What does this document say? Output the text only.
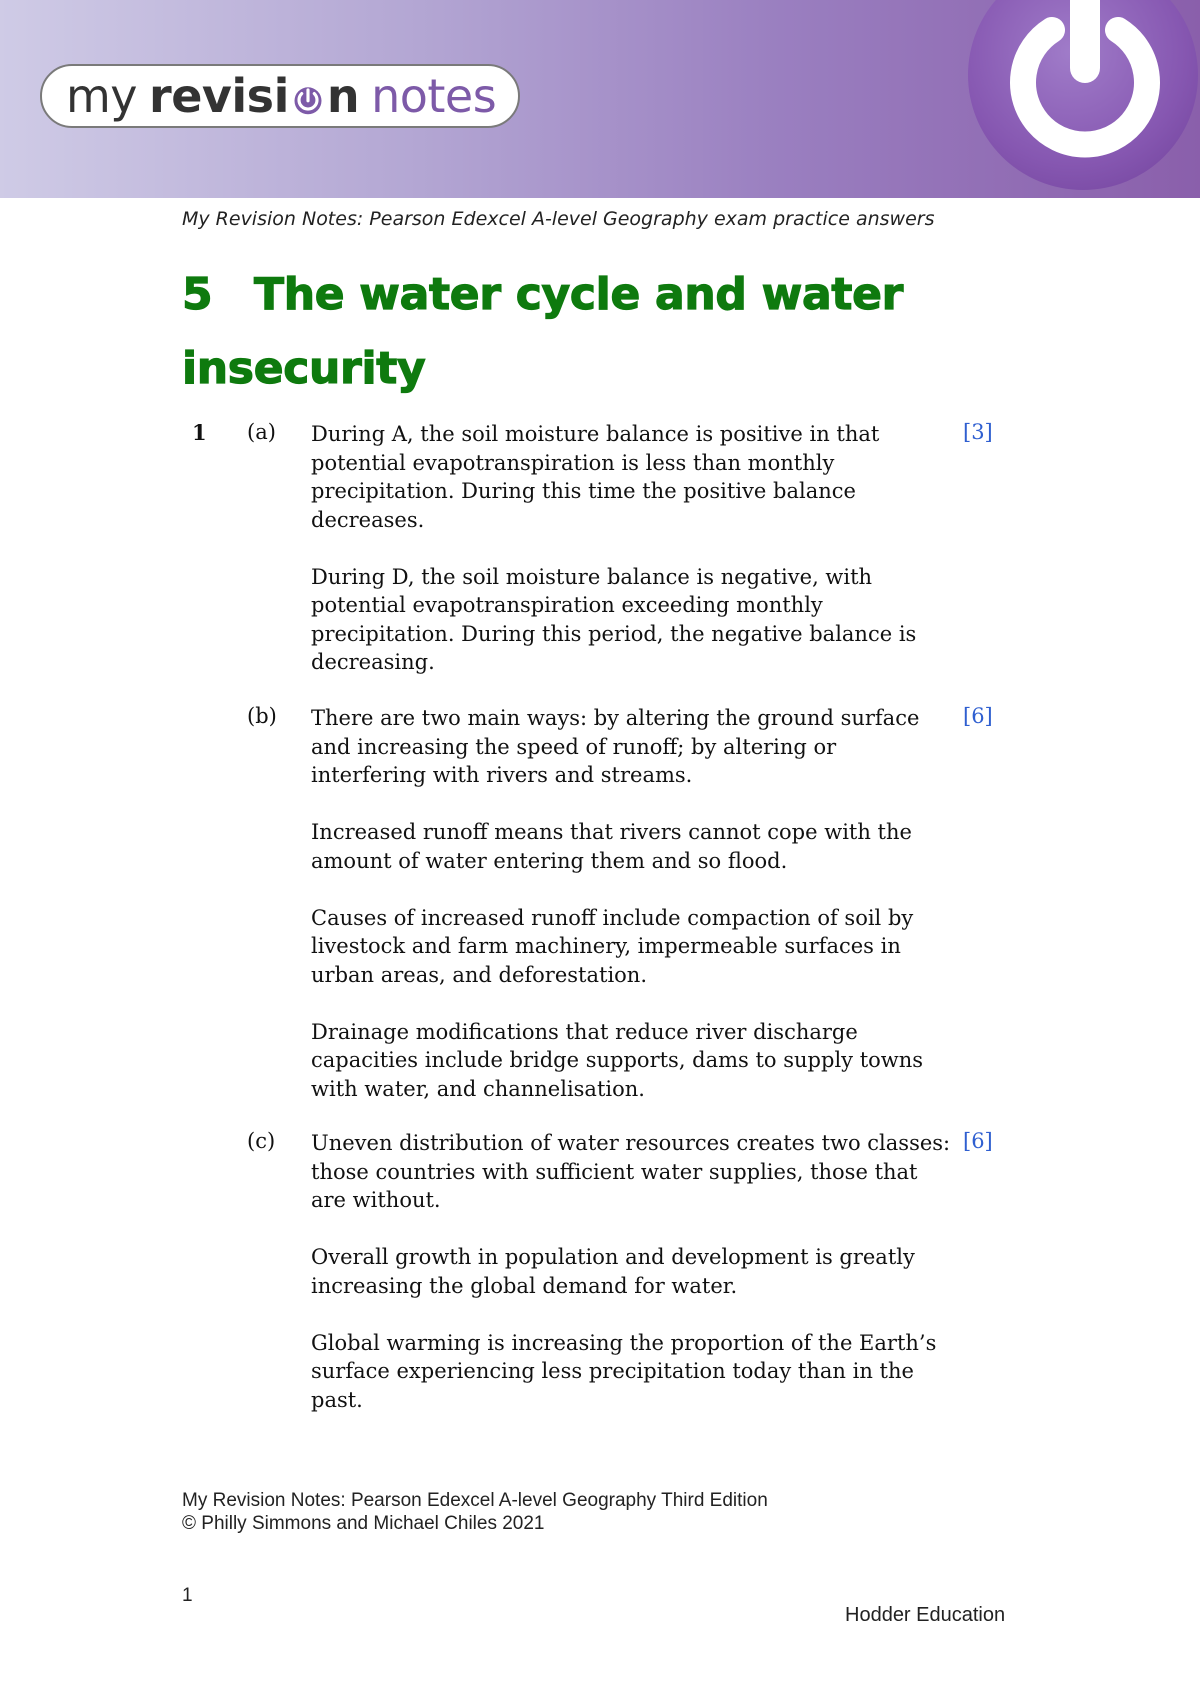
my revisi n notes
My Revision Notes: Pearson Edexcel A-level Geography exam practice answers
5 The water cycle and water insecurity
1 (a)	[3]

During A, the soil moisture balance is positive in that potential evapotranspiration is less than monthly precipitation. During this time the positive balance decreases.

During D, the soil moisture balance is negative, with potential evapotranspiration exceeding monthly precipitation. During this period, the negative balance is decreasing.

(b)	[6]

There are two main ways: by altering the ground surface and increasing the speed of runoff; by altering or interfering with rivers and streams.

Increased runoff means that rivers cannot cope with the amount of water entering them and so flood.

Causes of increased runoff include compaction of soil by livestock and farm machinery, impermeable surfaces in urban areas, and deforestation.

Drainage modifications that reduce river discharge capacities include bridge supports, dams to supply towns with water, and channelisation.

(c)	[6]

Uneven distribution of water resources creates two classes: those countries with sufficient water supplies, those that are without.

Overall growth in population and development is greatly increasing the global demand for water.

Global warming is increasing the proportion of the Earth’s surface experiencing less precipitation today than in the past.

My Revision Notes: Pearson Edexcel A-level Geography Third Edition
© Philly Simmons and Michael Chiles 2021
1
Hodder Education
